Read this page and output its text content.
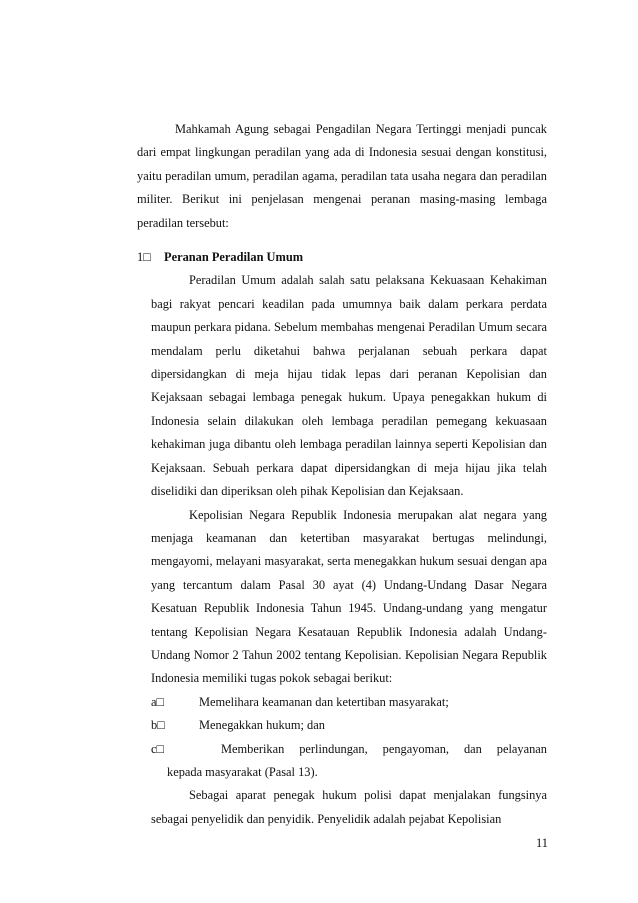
Mahkamah Agung sebagai Pengadilan Negara Tertinggi menjadi puncak dari empat lingkungan peradilan yang ada di Indonesia sesuai dengan konstitusi, yaitu peradilan umum, peradilan agama, peradilan tata usaha negara dan peradilan militer. Berikut ini penjelasan mengenai peranan masing-masing lembaga peradilan tersebut:

1□	Peranan Peradilan Umum

Peradilan Umum adalah salah satu pelaksana Kekuasaan Kehakiman bagi rakyat pencari keadilan pada umumnya baik dalam perkara perdata maupun perkara pidana. Sebelum membahas mengenai Peradilan Umum secara mendalam perlu diketahui bahwa perjalanan sebuah perkara dapat dipersidangkan di meja hijau tidak lepas dari peranan Kepolisian dan Kejaksaan sebagai lembaga penegak hukum. Upaya penegakkan hukum di Indonesia selain dilakukan oleh lembaga peradilan pemegang kekuasaan kehakiman juga dibantu oleh lembaga peradilan lainnya seperti Kepolisian dan Kejaksaan. Sebuah perkara dapat dipersidangkan di meja hijau jika telah diselidiki dan diperiksan oleh pihak Kepolisian dan Kejaksaan.

Kepolisian Negara Republik Indonesia merupakan alat negara yang menjaga keamanan dan ketertiban masyarakat bertugas melindungi, mengayomi, melayani masyarakat, serta menegakkan hukum sesuai dengan apa yang tercantum dalam Pasal 30 ayat (4) Undang-Undang Dasar Negara Kesatuan Republik Indonesia Tahun 1945. Undang-undang yang mengatur tentang Kepolisian Negara Kesatauan Republik Indonesia adalah Undang-Undang Nomor 2 Tahun 2002 tentang Kepolisian. Kepolisian Negara Republik Indonesia memiliki tugas pokok sebagai berikut:

a□	Memelihara keamanan dan ketertiban masyarakat;
b□	Menegakkan hukum; dan
c□	Memberikan perlindungan, pengayoman, dan pelayanan
kepada masyarakat (Pasal 13).

Sebagai aparat penegak hukum polisi dapat menjalakan fungsinya sebagai penyelidik dan penyidik. Penyelidik adalah pejabat Kepolisian

11
